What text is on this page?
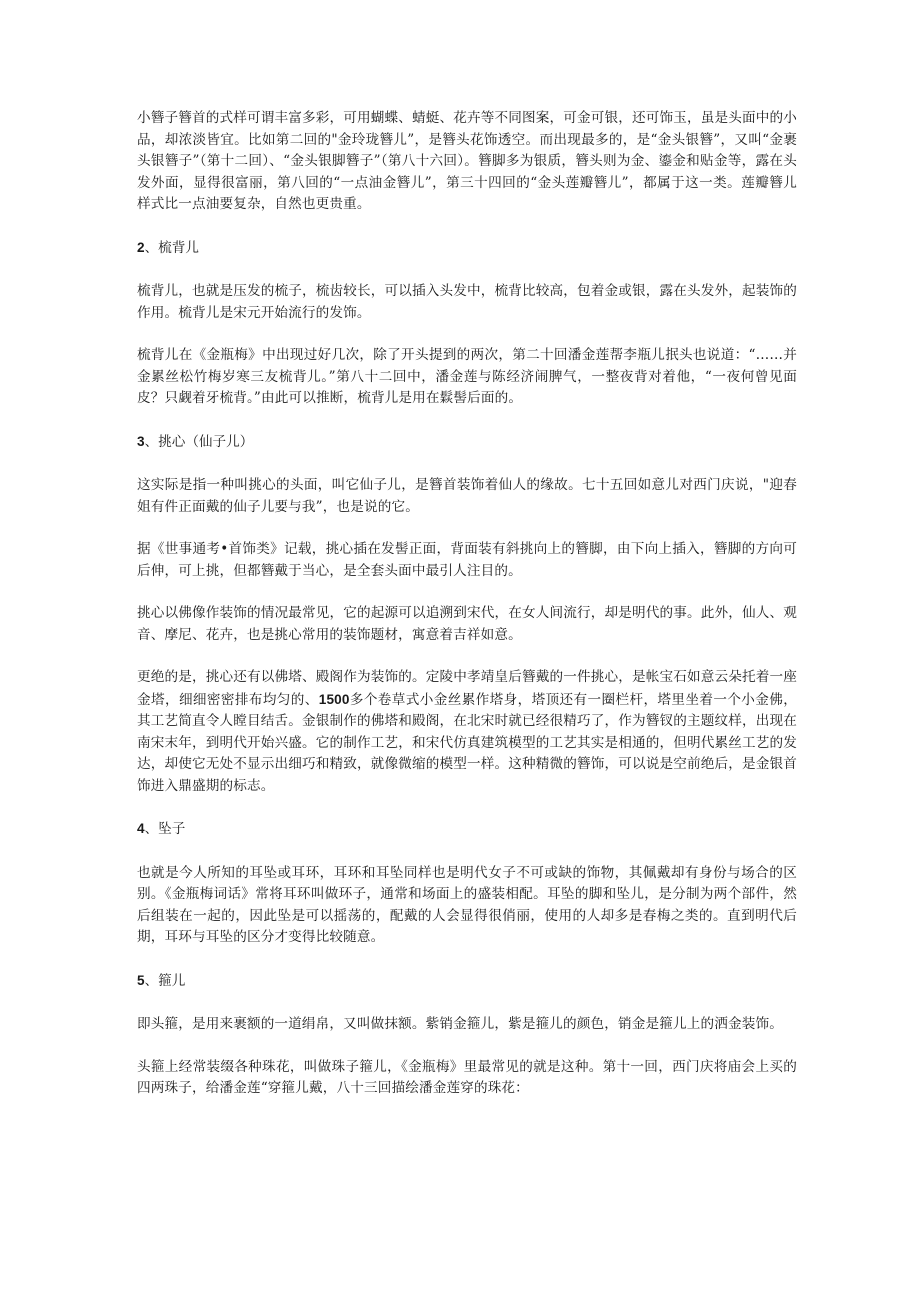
小簪子簪首的式样可谓丰富多彩，可用蝴蝶、蜻蜓、花卉等不同图案，可金可银，还可饰玉，虽是头面中的小品，却浓淡皆宜。比如第二回的"金玲珑簪儿”，是簪头花饰透空。而出现最多的，是“金头银簪”，又叫“金裹头银簪子”（第十二回）、“金头银脚簪子”（第八十六回）。簪脚多为银质，簪头则为金、鎏金和贴金等，露在头发外面，显得很富丽，第八回的“一点油金簪儿”，第三十四回的“金头莲瓣簪儿”，都属于这一类。莲瓣簪儿样式比一点油要复杂，自然也更贵重。

2、梳背儿

梳背儿，也就是压发的梳子，梳齿较长，可以插入头发中，梳背比较高，包着金或银，露在头发外，起装饰的作用。梳背儿是宋元开始流行的发饰。

梳背儿在《金瓶梅》中出现过好几次，除了开头提到的两次，第二十回潘金莲帮李瓶儿抿头也说道：“……并金累丝松竹梅岁寒三友梳背儿。”第八十二回中，潘金莲与陈经济闹脾气，一整夜背对着他，“一夜何曾见面皮？只觑着牙梳背。”由此可以推断，梳背儿是用在鬏髻后面的。

3、挑心（仙子儿）

这实际是指一种叫挑心的头面，叫它仙子儿，是簪首装饰着仙人的缘故。七十五回如意儿对西门庆说，"迎春姐有件正面戴的仙子儿要与我”，也是说的它。

据《世事通考•首饰类》记载，挑心插在发髻正面，背面装有斜挑向上的簪脚，由下向上插入，簪脚的方向可后伸，可上挑，但都簪戴于当心，是全套头面中最引人注目的。

挑心以佛像作装饰的情况最常见，它的起源可以追溯到宋代，在女人间流行，却是明代的事。此外，仙人、观音、摩尼、花卉，也是挑心常用的装饰题材，寓意着吉祥如意。

更绝的是，挑心还有以佛塔、殿阁作为装饰的。定陵中孝靖皇后簪戴的一件挑心，是帐宝石如意云朵托着一座金塔，细细密密排布均匀的、1500多个卷草式小金丝累作塔身，塔顶还有一圈栏杆，塔里坐着一个小金佛，其工艺简直令人瞠目结舌。金银制作的佛塔和殿阁，在北宋时就已经很精巧了，作为簪钗的主题纹样，出现在南宋末年，到明代开始兴盛。它的制作工艺，和宋代仿真建筑模型的工艺其实是相通的，但明代累丝工艺的发达，却使它无处不显示出细巧和精致，就像微缩的模型一样。这种精微的簪饰，可以说是空前绝后，是金银首饰进入鼎盛期的标志。

4、坠子

也就是今人所知的耳坠或耳环，耳环和耳坠同样也是明代女子不可或缺的饰物，其佩戴却有身份与场合的区别。《金瓶梅词话》常将耳环叫做环子，通常和场面上的盛装相配。耳坠的脚和坠儿，是分制为两个部件，然后组装在一起的，因此坠是可以摇荡的，配戴的人会显得很俏丽，使用的人却多是春梅之类的。直到明代后期，耳环与耳坠的区分才变得比较随意。

5、箍儿

即头箍，是用来裹额的一道绢帛，又叫做抹额。紫销金箍儿，紫是箍儿的颜色，销金是箍儿上的洒金装饰。

头箍上经常装缀各种珠花，叫做珠子箍儿，《金瓶梅》里最常见的就是这种。第十一回，西门庆将庙会上买的四两珠子，给潘金莲“穿箍儿戴，八十三回描绘潘金莲穿的珠花：
